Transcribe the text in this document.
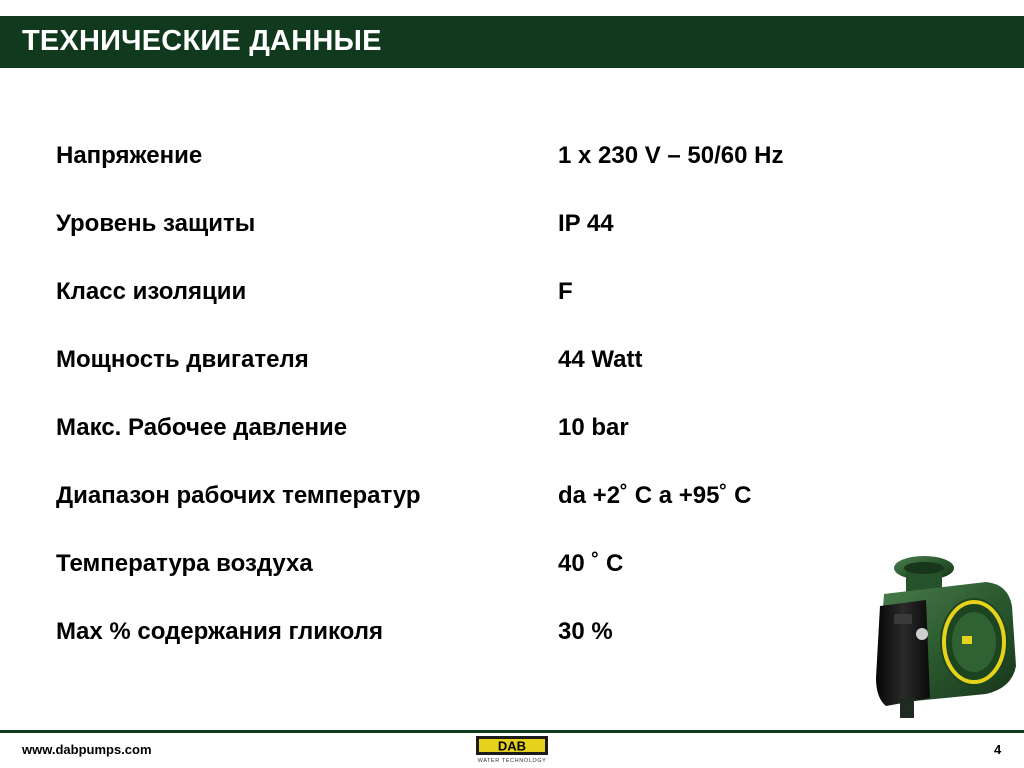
ТЕХНИЧЕСКИЕ ДАННЫЕ
Напряжение	1 x 230 V – 50/60 Hz
Уровень защиты	IP 44
Класс изоляции	F
Мощность двигателя	44 Watt
Макс. Рабочее давление	10 bar
Диапазон рабочих температур	da +2˚ C a +95˚ C
Температура воздуха	40 ˚ C
Max % содержания гликоля	30 %
www.dabpumps.com	DAB
WATER TECHNOLOGY
4
